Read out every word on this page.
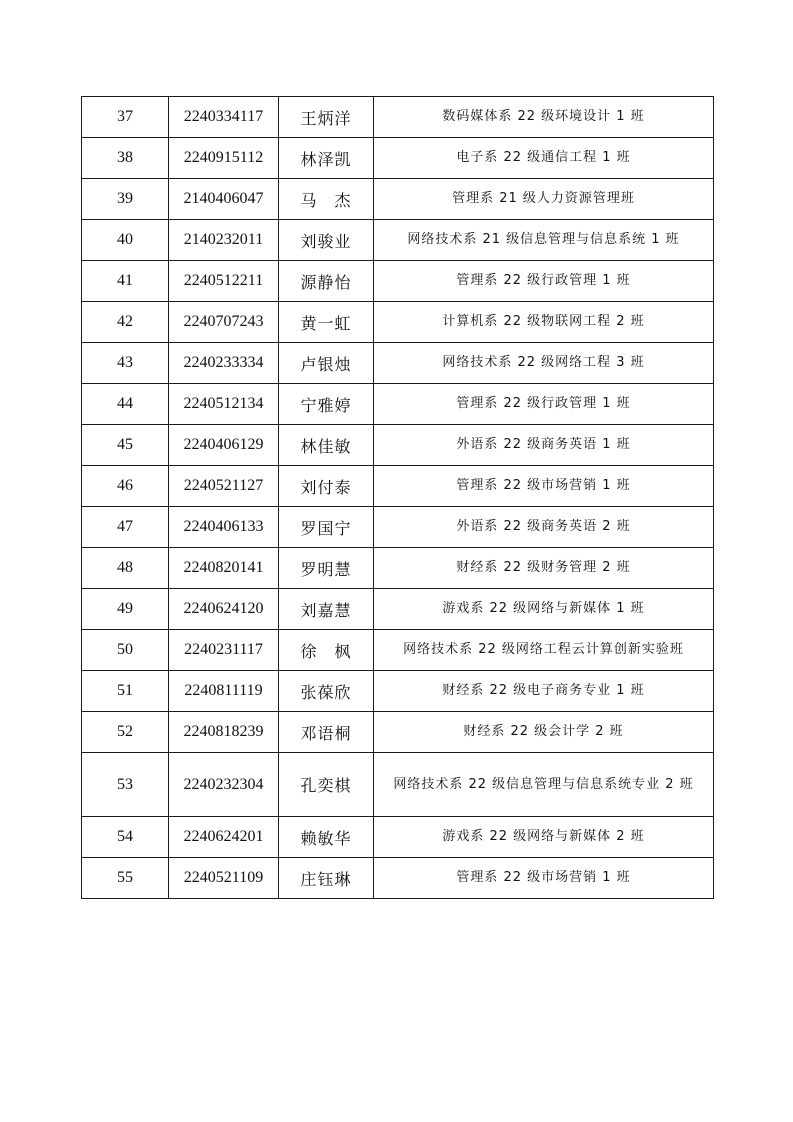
37	2240334117	王炳洋	数码媒体系 22 级环境设计 1 班
38	2240915112	林泽凯	电子系 22 级通信工程 1 班
39	2140406047	马　杰	管理系 21 级人力资源管理班
40	2140232011	刘骏业	网络技术系 21 级信息管理与信息系统 1 班
41	2240512211	源静怡	管理系 22 级行政管理 1 班
42	2240707243	黄一虹	计算机系 22 级物联网工程 2 班
43	2240233334	卢银烛	网络技术系 22 级网络工程 3 班
44	2240512134	宁雅婷	管理系 22 级行政管理 1 班
45	2240406129	林佳敏	外语系 22 级商务英语 1 班
46	2240521127	刘付泰	管理系 22 级市场营销 1 班
47	2240406133	罗国宁	外语系 22 级商务英语 2 班
48	2240820141	罗明慧	财经系 22 级财务管理 2 班
49	2240624120	刘嘉慧	游戏系 22 级网络与新媒体 1 班
50	2240231117	徐　枫	网络技术系 22 级网络工程云计算创新实验班
51	2240811119	张葆欣	财经系 22 级电子商务专业 1 班
52	2240818239	邓语桐	财经系 22 级会计学 2 班
53	2240232304	孔奕棋	网络技术系 22 级信息管理与信息系统专业 2 班
54	2240624201	赖敏华	游戏系 22 级网络与新媒体 2 班
55	2240521109	庄钰琳	管理系 22 级市场营销 1 班
